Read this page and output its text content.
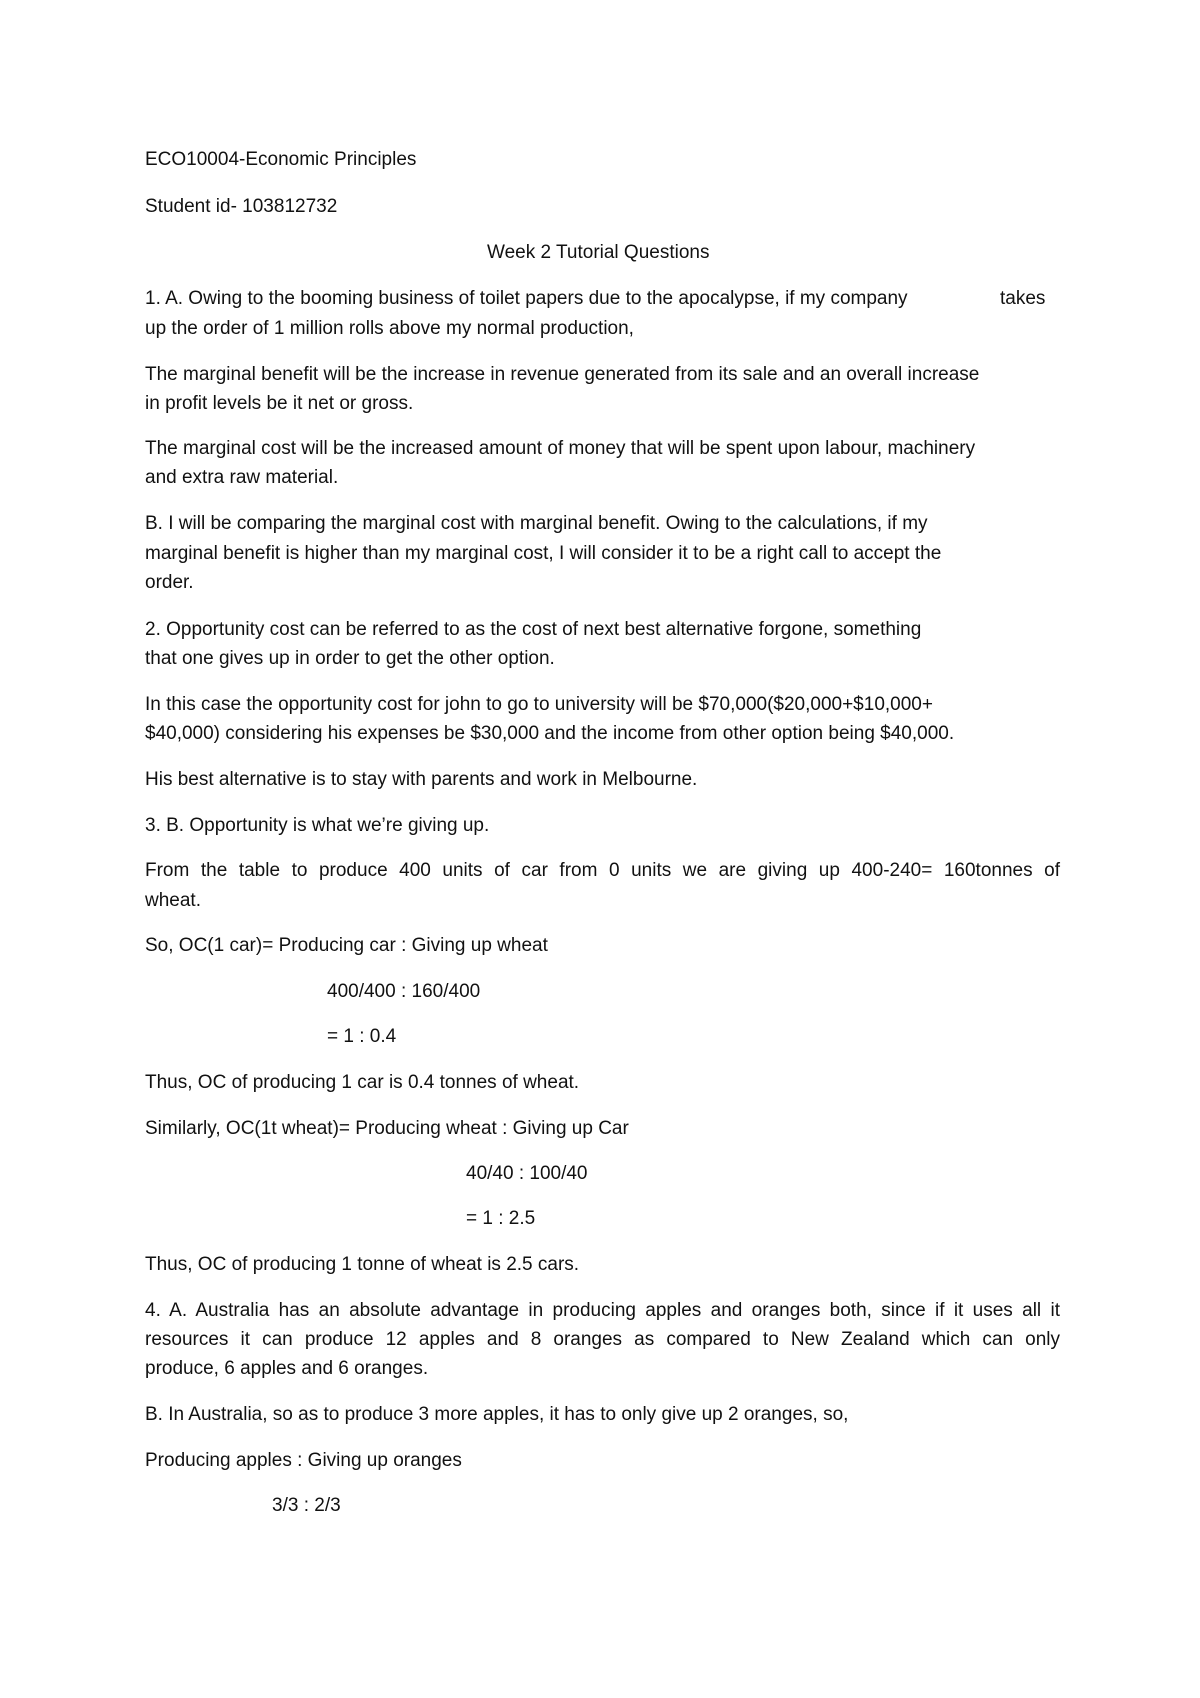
ECO10004-Economic Principles
Student id- 103812732
Week 2 Tutorial Questions
1. A. Owing to the booming business of toilet papers due to the apocalypse, if my company	takes
up the order of 1 million rolls above my normal production,
The marginal benefit will be the increase in revenue generated from its sale and an overall increase
in profit levels be it net or gross.
The marginal cost will be the increased amount of money that will be spent upon labour, machinery
and extra raw material.
B. I will be comparing the marginal cost with marginal benefit. Owing to the calculations, if my
marginal benefit is higher than my marginal cost, I will consider it to be a right call to accept the
order.
2. Opportunity cost can be referred to as the cost of next best alternative forgone, something
that one gives up in order to get the other option.
In this case the opportunity cost for john to go to university will be $70,000($20,000+$10,000+
$40,000) considering his expenses be $30,000 and the income from other option being $40,000.
His best alternative is to stay with parents and work in Melbourne.
3. B. Opportunity is what we’re giving up.
From the table to produce 400 units of car from 0 units we are giving up 400-240= 160tonnes of
wheat.
So, OC(1 car)= Producing car : Giving up wheat
400/400 : 160/400
= 1 : 0.4
Thus, OC of producing 1 car is 0.4 tonnes of wheat.
Similarly, OC(1t wheat)= Producing wheat : Giving up Car
40/40 : 100/40
= 1 : 2.5
Thus, OC of producing 1 tonne of wheat is 2.5 cars.
4. A. Australia has an absolute advantage in producing apples and oranges both, since if it uses all it
resources it can produce 12 apples and 8 oranges as compared to New Zealand which can only
produce, 6 apples and 6 oranges.
B. In Australia, so as to produce 3 more apples, it has to only give up 2 oranges, so,
Producing apples : Giving up oranges
3/3 : 2/3
